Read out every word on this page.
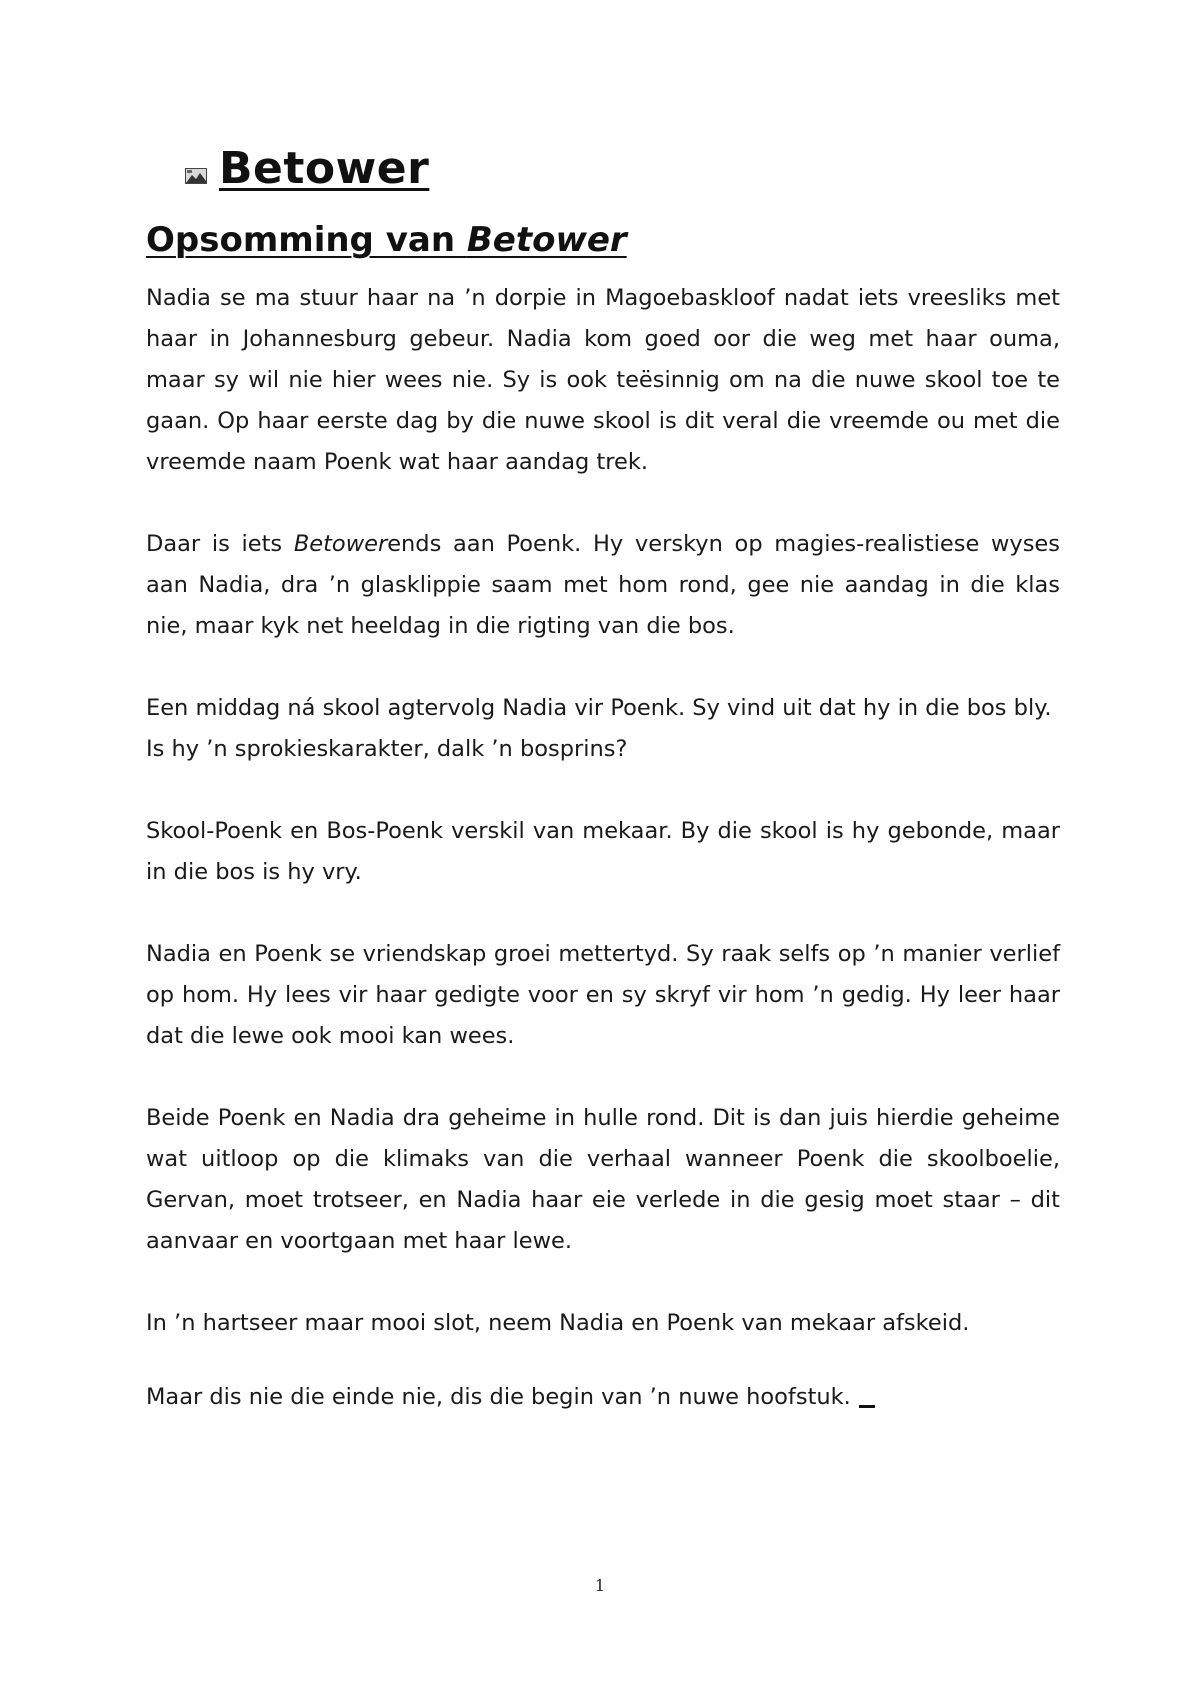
Betower
Opsomming van Betower

Nadia se ma stuur haar na ’n dorpie in Magoebaskloof nadat iets vreesliks met haar in Johannesburg gebeur. Nadia kom goed oor die weg met haar ouma, maar sy wil nie hier wees nie. Sy is ook teësinnig om na die nuwe skool toe te gaan. Op haar eerste dag by die nuwe skool is dit veral die vreemde ou met die vreemde naam Poenk wat haar aandag trek.

Daar is iets Betowerends aan Poenk. Hy verskyn op magies-realistiese wyses aan Nadia, dra ’n glasklippie saam met hom rond, gee nie aandag in die klas nie, maar kyk net heeldag in die rigting van die bos.

Een middag ná skool agtervolg Nadia vir Poenk. Sy vind uit dat hy in die bos bly. Is hy ’n sprokieskarakter, dalk ’n bosprins?

Skool-Poenk en Bos-Poenk verskil van mekaar. By die skool is hy gebonde, maar in die bos is hy vry.

Nadia en Poenk se vriendskap groei mettertyd. Sy raak selfs op ’n manier verlief op hom. Hy lees vir haar gedigte voor en sy skryf vir hom ’n gedig. Hy leer haar dat die lewe ook mooi kan wees.

Beide Poenk en Nadia dra geheime in hulle rond. Dit is dan juis hierdie geheime wat uitloop op die klimaks van die verhaal wanneer Poenk die skoolboelie, Gervan, moet trotseer, en Nadia haar eie verlede in die gesig moet staar – dit aanvaar en voortgaan met haar lewe.

In ’n hartseer maar mooi slot, neem Nadia en Poenk van mekaar afskeid.

Maar dis nie die einde nie, dis die begin van ’n nuwe hoofstuk.

1
